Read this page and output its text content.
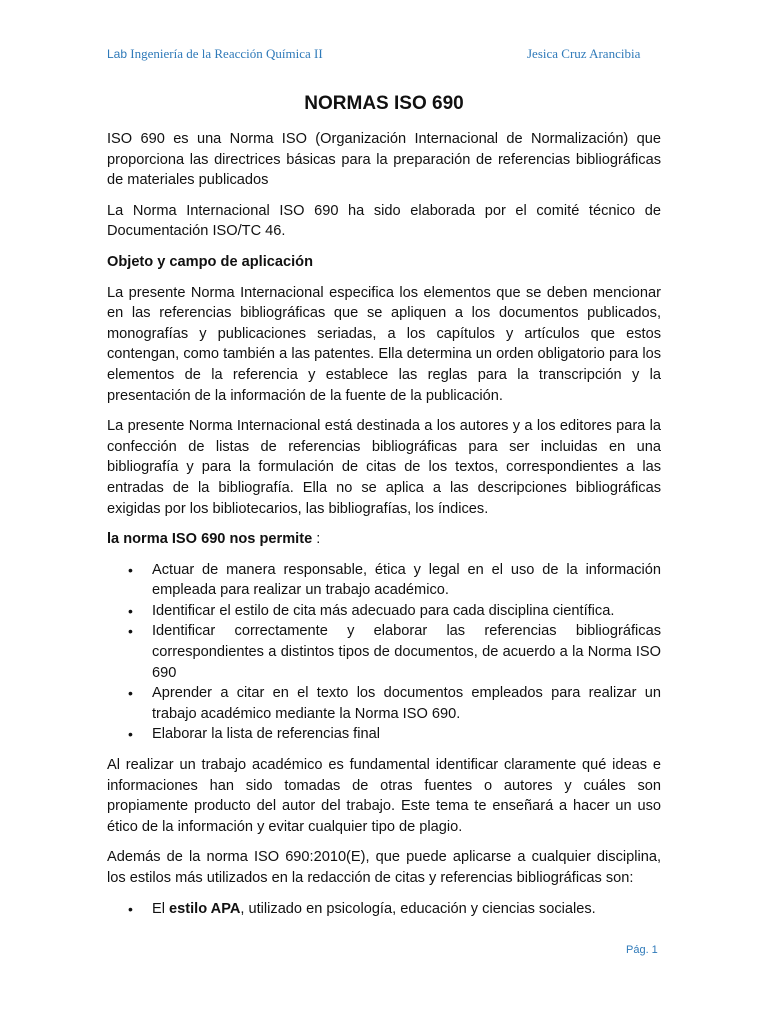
Lab Ingeniería de la Reacción Química II	Jesica Cruz Arancibia
NORMAS ISO 690

ISO 690 es una Norma ISO (Organización Internacional de Normalización) que proporciona las directrices básicas para la preparación de referencias bibliográficas de materiales publicados

La Norma Internacional ISO 690 ha sido elaborada por el comité técnico de Documentación ISO/TC 46.

Objeto y campo de aplicación

La presente Norma Internacional especifica los elementos que se deben mencionar en las referencias bibliográficas que se apliquen a los documentos publicados, monografías y publicaciones seriadas, a los capítulos y artículos que estos contengan, como también a las patentes. Ella determina un orden obligatorio para los elementos de la referencia y establece las reglas para la transcripción y la presentación de la información de la fuente de la publicación.

La presente Norma Internacional está destinada a los autores y a los editores para la confección de listas de referencias bibliográficas para ser incluidas en una bibliografía y para la formulación de citas de los textos, correspondientes a las entradas de la bibliografía. Ella no se aplica a las descripciones bibliográficas exigidas por los bibliotecarios, las bibliografías, los índices.

la norma ISO 690 nos permite :

• Actuar de manera responsable, ética y legal en el uso de la información empleada para realizar un trabajo académico.
• Identificar el estilo de cita más adecuado para cada disciplina científica.
• Identificar correctamente y elaborar las referencias bibliográficas correspondientes a distintos tipos de documentos, de acuerdo a la Norma ISO 690
• Aprender a citar en el texto los documentos empleados para realizar un trabajo académico mediante la Norma ISO 690.
• Elaborar la lista de referencias final

Al realizar un trabajo académico es fundamental identificar claramente qué ideas e informaciones han sido tomadas de otras fuentes o autores y cuáles son propiamente producto del autor del trabajo. Este tema te enseñará a hacer un uso ético de la información y evitar cualquier tipo de plagio.

Además de la norma ISO 690:2010(E), que puede aplicarse a cualquier disciplina, los estilos más utilizados en la redacción de citas y referencias bibliográficas son:

• El estilo APA, utilizado en psicología, educación y ciencias sociales.
Pág. 1
